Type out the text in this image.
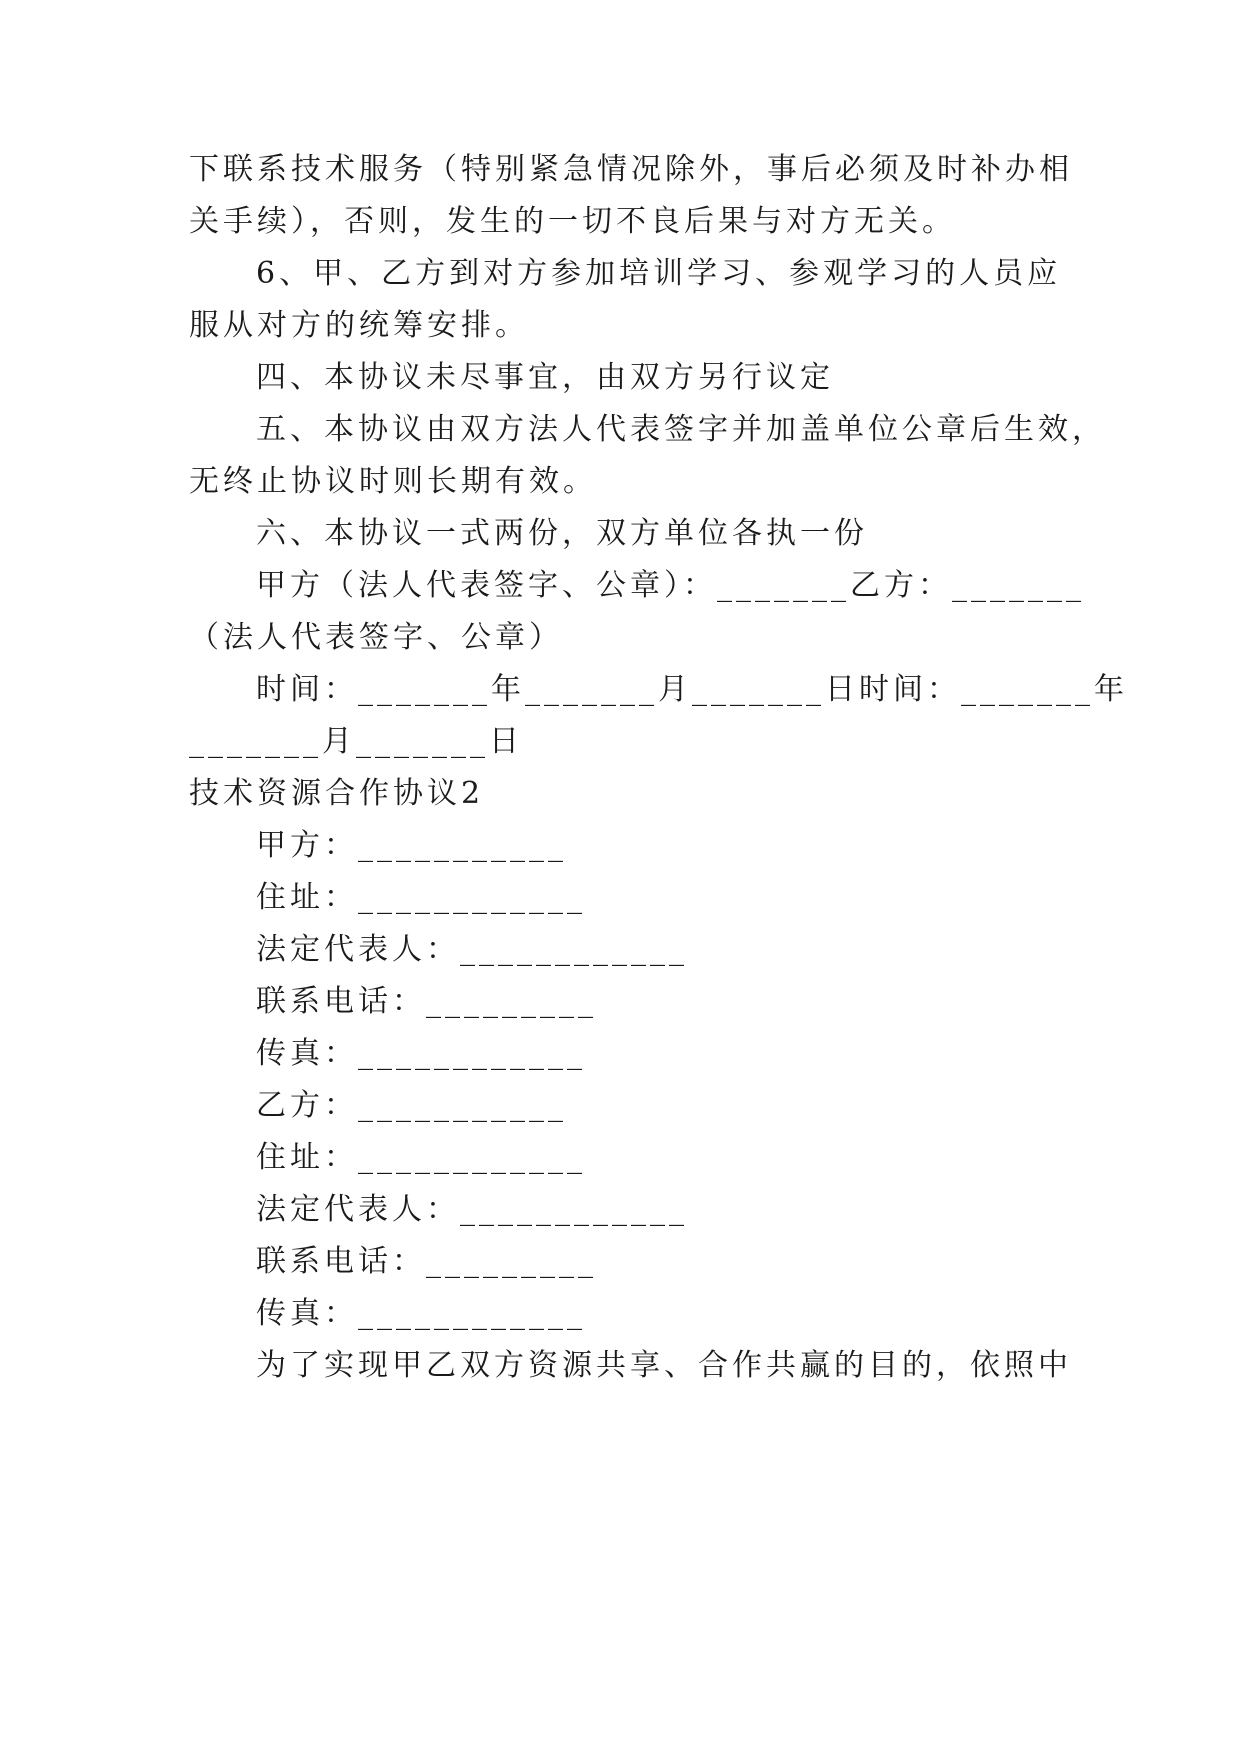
下联系技术服务（特别紧急情况除外，事后必须及时补办相
关手续），否则，发生的一切不良后果与对方无关。
6、甲、乙方到对方参加培训学习、参观学习的人员应
服从对方的统筹安排。
四、本协议未尽事宜，由双方另行议定
五、本协议由双方法人代表签字并加盖单位公章后生效，
无终止协议时则长期有效。
六、本协议一式两份，双方单位各执一份
甲方（法人代表签字、公章）：_______乙方：_______
（法人代表签字、公章）
时间：_______年_______月_______日时间：_______年
_______月_______日
技术资源合作协议2
甲方：___________
住址：____________
法定代表人：____________
联系电话：_________
传真：____________
乙方：___________
住址：____________
法定代表人：____________
联系电话：_________
传真：____________
为了实现甲乙双方资源共享、合作共赢的目的，依照中
